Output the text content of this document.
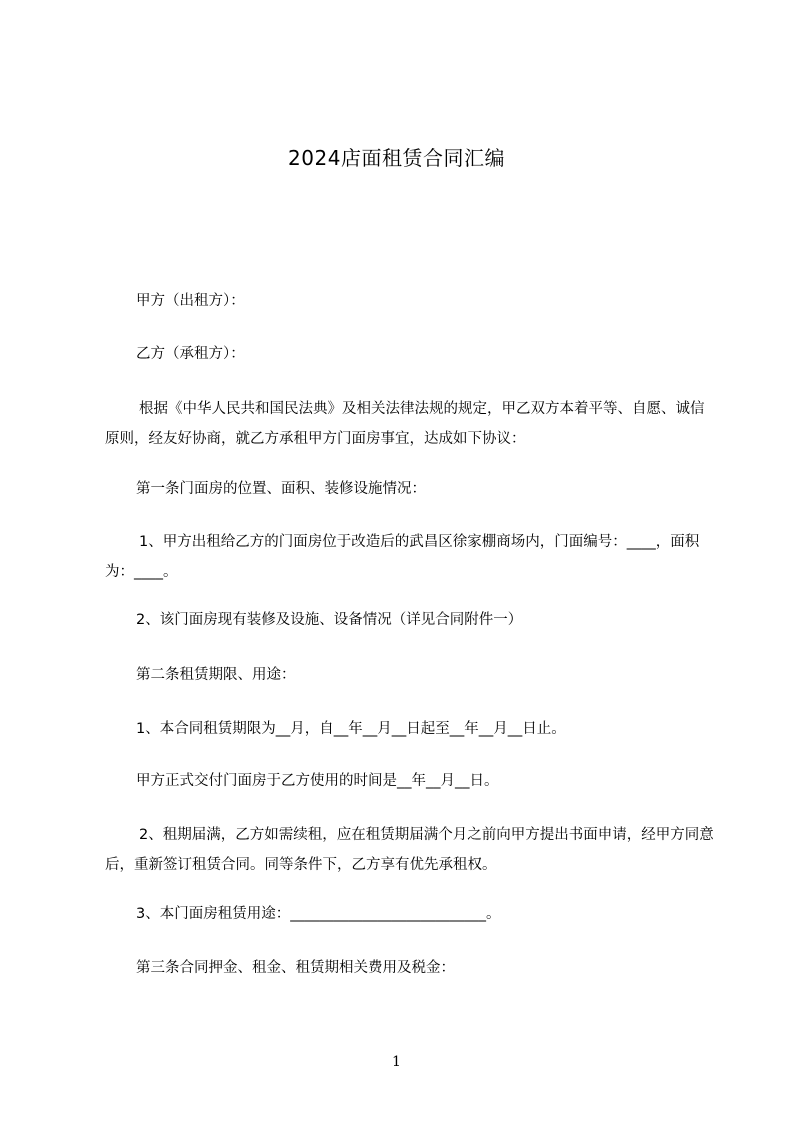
2024店面租赁合同汇编
甲方（出租方）：
乙方（承租方）：
根据《中华人民共和国民法典》及相关法律法规的规定，甲乙双方本着平等、自愿、诚信原则，经友好协商，就乙方承租甲方门面房事宜，达成如下协议：
第一条门面房的位置、面积、装修设施情况：
1、甲方出租给乙方的门面房位于改造后的武昌区徐家棚商场内，门面编号：____，面积为：____。
2、该门面房现有装修及设施、设备情况（详见合同附件一）
第二条租赁期限、用途：
1、本合同租赁期限为__月，自__年__月__日起至__年__月__日止。
甲方正式交付门面房于乙方使用的时间是__年__月__日。
2、租期届满，乙方如需续租，应在租赁期届满个月之前向甲方提出书面申请，经甲方同意后，重新签订租赁合同。同等条件下，乙方享有优先承租权。
3、本门面房租赁用途：___________________________。
第三条合同押金、租金、租赁期相关费用及税金：
1
